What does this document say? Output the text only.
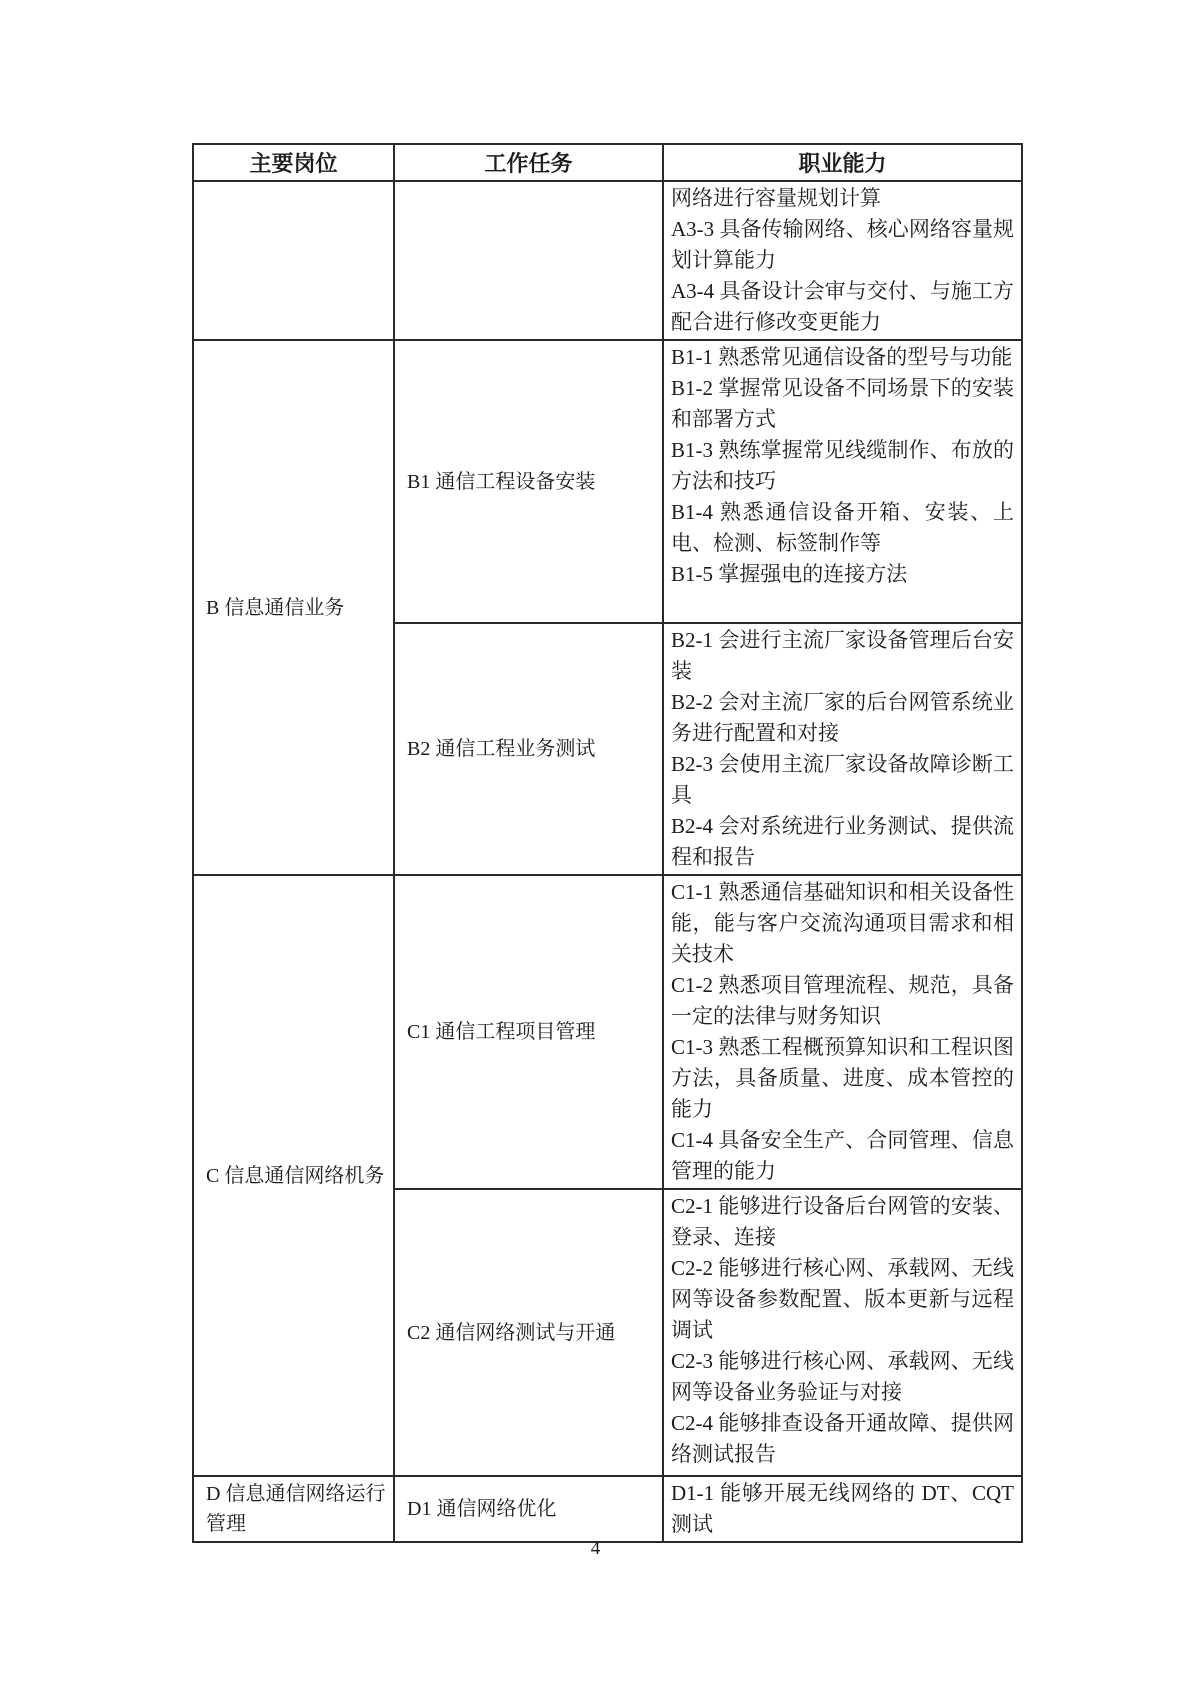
主要岗位	工作任务	职业能力

		网络进行容量规划计算
A3-3 具备传输网络、核心网络容量规划计算能力
A3-4 具备设计会审与交付、与施工方配合进行修改变更能力

B 信息通信业务	B1 通信工程设备安装	B1-1 熟悉常见通信设备的型号与功能
B1-2 掌握常见设备不同场景下的安装和部署方式
B1-3 熟练掌握常见线缆制作、布放的方法和技巧
B1-4 熟悉通信设备开箱、安装、上电、检测、标签制作等
B1-5 掌握强电的连接方法

	B2 通信工程业务测试	B2-1 会进行主流厂家设备管理后台安装
B2-2 会对主流厂家的后台网管系统业务进行配置和对接
B2-3 会使用主流厂家设备故障诊断工具
B2-4 会对系统进行业务测试、提供流程和报告

C 信息通信网络机务	C1 通信工程项目管理	C1-1 熟悉通信基础知识和相关设备性能，能与客户交流沟通项目需求和相关技术
C1-2 熟悉项目管理流程、规范，具备一定的法律与财务知识
C1-3 熟悉工程概预算知识和工程识图方法，具备质量、进度、成本管控的能力
C1-4 具备安全生产、合同管理、信息管理的能力

	C2 通信网络测试与开通	C2-1 能够进行设备后台网管的安装、登录、连接
C2-2 能够进行核心网、承载网、无线网等设备参数配置、版本更新与远程调试
C2-3 能够进行核心网、承载网、无线网等设备业务验证与对接
C2-4 能够排查设备开通故障、提供网络测试报告

D 信息通信网络运行管理	D1 通信网络优化	D1-1 能够开展无线网络的 DT、CQT 测试
4
